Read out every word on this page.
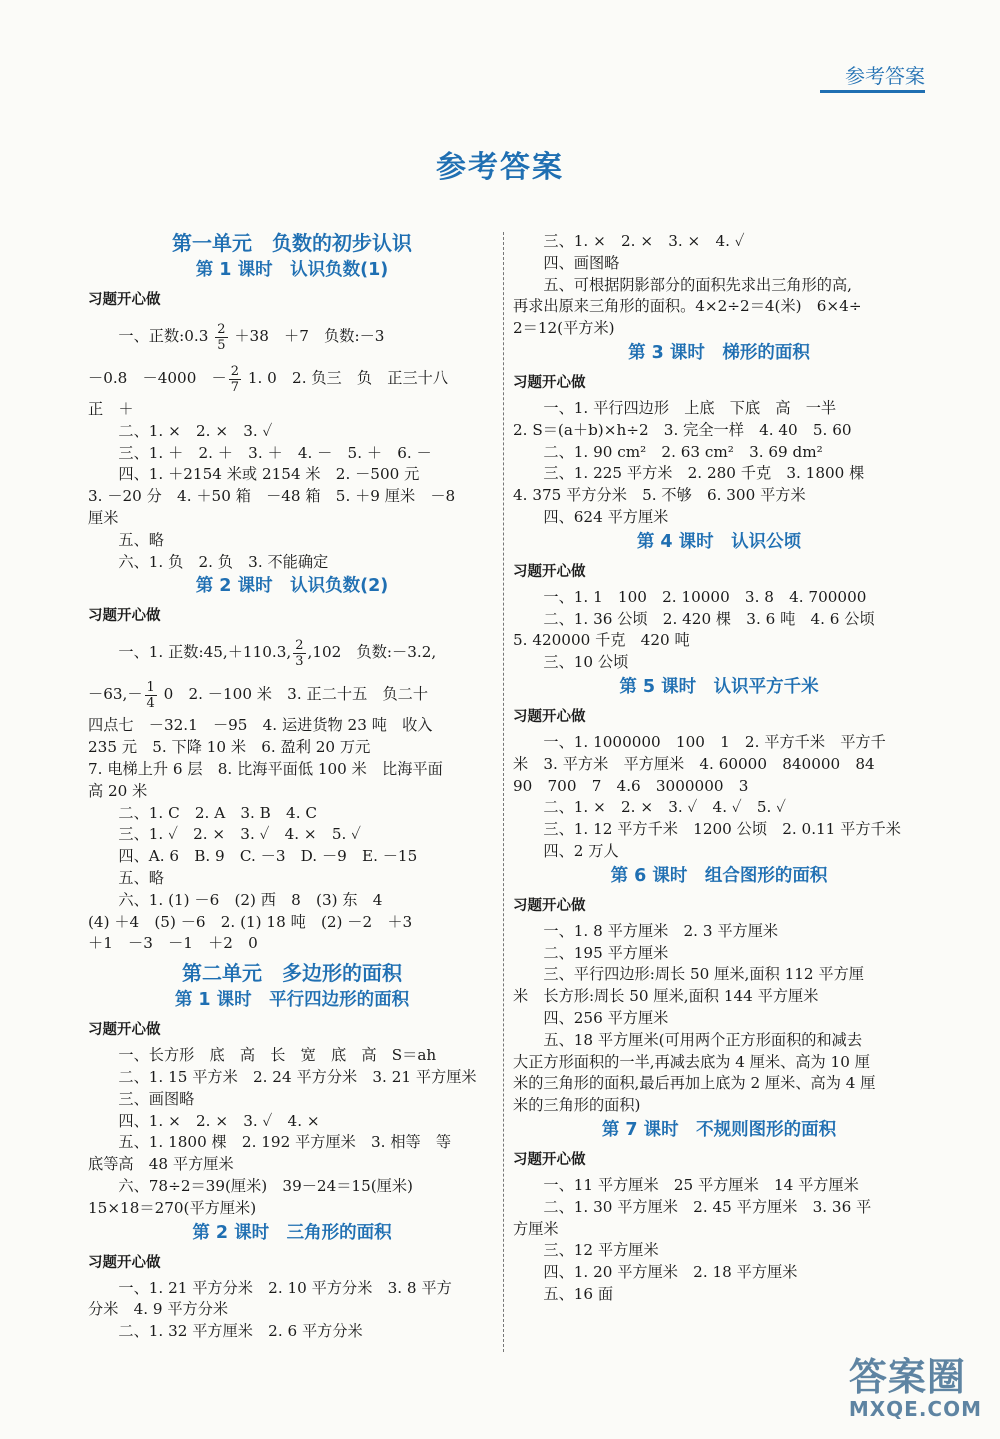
参考答案
参考答案
第一单元　负数的初步认识
第 1 课时　认识负数(1)
习题开心做
一、正数:0.3 $\frac{2}{5} +38$　＋7　负数:－3
－0.8　－4000　－ $\frac{2}{7} 1$. 0　2. 负三　负　正三十八
正　＋
二、1. ×　2. ×　3. ✓
三、1. ＋　2. ＋　3. ＋　4. －　5. ＋　6. －
四、1. ＋2154 米或 2154 米　2. －500 元
3. －20 分　4. ＋50 箱　－48 箱　5. ＋9 厘米　－8
厘米
五、略
六、1. 负　2. 负　3. 不能确定
第 2 课时　认识负数(2)
习题开心做
一、1. 正数:45,＋110.3, $\frac{2}{3} ,102$　负数:－3.2,
$-63,- \frac{1}{4} 0$　2. －100 米　3. 正二十五　负二十
四点七　－32.1　－95　4. 运进货物 23 吨　收入
235 元　5. 下降 10 米　6. 盈利 20 万元
7. 电梯上升 6 层　8. 比海平面低 100 米　比海平面
高 20 米
二、1. C　2. A　3. B　4. C
三、1. ✓　2. ×　3. ✓　4. ×　5. ✓
四、A. 6　B. 9　C. －3　D. －9　E. －15
五、略
六、1. (1) －6　(2) 西　8　(3) 东　4
(4) ＋4　(5) －6　2. (1) 18 吨　(2) －2　＋3
＋1　－3　－1　＋2　0
第二单元　多边形的面积
第 1 课时　平行四边形的面积
习题开心做
一、长方形　底　高　长　宽　底　高　S＝ah
二、1. 15 平方米　2. 24 平方分米　3. 21 平方厘米
三、画图略
四、1. ×　2. ×　3. ✓　4. ×
五、1. 1800 棵　2. 192 平方厘米　3. 相等　等
底等高　48 平方厘米
六、78÷2＝39(厘米)　39－24＝15(厘米)
15×18＝270(平方厘米)
第 2 课时　三角形的面积
习题开心做
一、1. 21 平方分米　2. 10 平方分米　3. 8 平方
分米　4. 9 平方分米
二、1. 32 平方厘米　2. 6 平方分米
三、1. ×　2. ×　3. ×　4. ✓
四、画图略
五、可根据阴影部分的面积先求出三角形的高,
再求出原来三角形的面积。4×2÷2＝4(米)　6×4÷
2＝12(平方米)
第 3 课时　梯形的面积
习题开心做
一、1. 平行四边形　上底　下底　高　一半
2. S＝(a＋b)×h÷2　3. 完全一样　4. 40　5. 60
二、1. 90 cm²　2. 63 cm²　3. 69 dm²
三、1. 225 平方米　2. 280 千克　3. 1800 棵
4. 375 平方分米　5. 不够　6. 300 平方米
四、624 平方厘米
第 4 课时　认识公顷
习题开心做
一、1. 1　100　2. 10000　3. 8　4. 700000
二、1. 36 公顷　2. 420 棵　3. 6 吨　4. 6 公顷
5. 420000 千克　420 吨
三、10 公顷
第 5 课时　认识平方千米
习题开心做
一、1. 1000000　100　1　2. 平方千米　平方千
米　3. 平方米　平方厘米　4. 60000　840000　84
90　700　7　4.6　3000000　3
二、1. ×　2. ×　3. ✓　4. ✓　5. ✓
三、1. 12 平方千米　1200 公顷　2. 0.11 平方千米
四、2 万人
第 6 课时　组合图形的面积
习题开心做
一、1. 8 平方厘米　2. 3 平方厘米
二、195 平方厘米
三、平行四边形:周长 50 厘米,面积 112 平方厘
米　长方形:周长 50 厘米,面积 144 平方厘米
四、256 平方厘米
五、18 平方厘米(可用两个正方形面积的和减去
大正方形面积的一半,再减去底为 4 厘米、高为 10 厘
米的三角形的面积,最后再加上底为 2 厘米、高为 4 厘
米的三角形的面积)
第 7 课时　不规则图形的面积
习题开心做
一、11 平方厘米　25 平方厘米　14 平方厘米
二、1. 30 平方厘米　2. 45 平方厘米　3. 36 平
方厘米
三、12 平方厘米
四、1. 20 平方厘米　2. 18 平方厘米
五、16 面
答案圈
MXQE.COM
